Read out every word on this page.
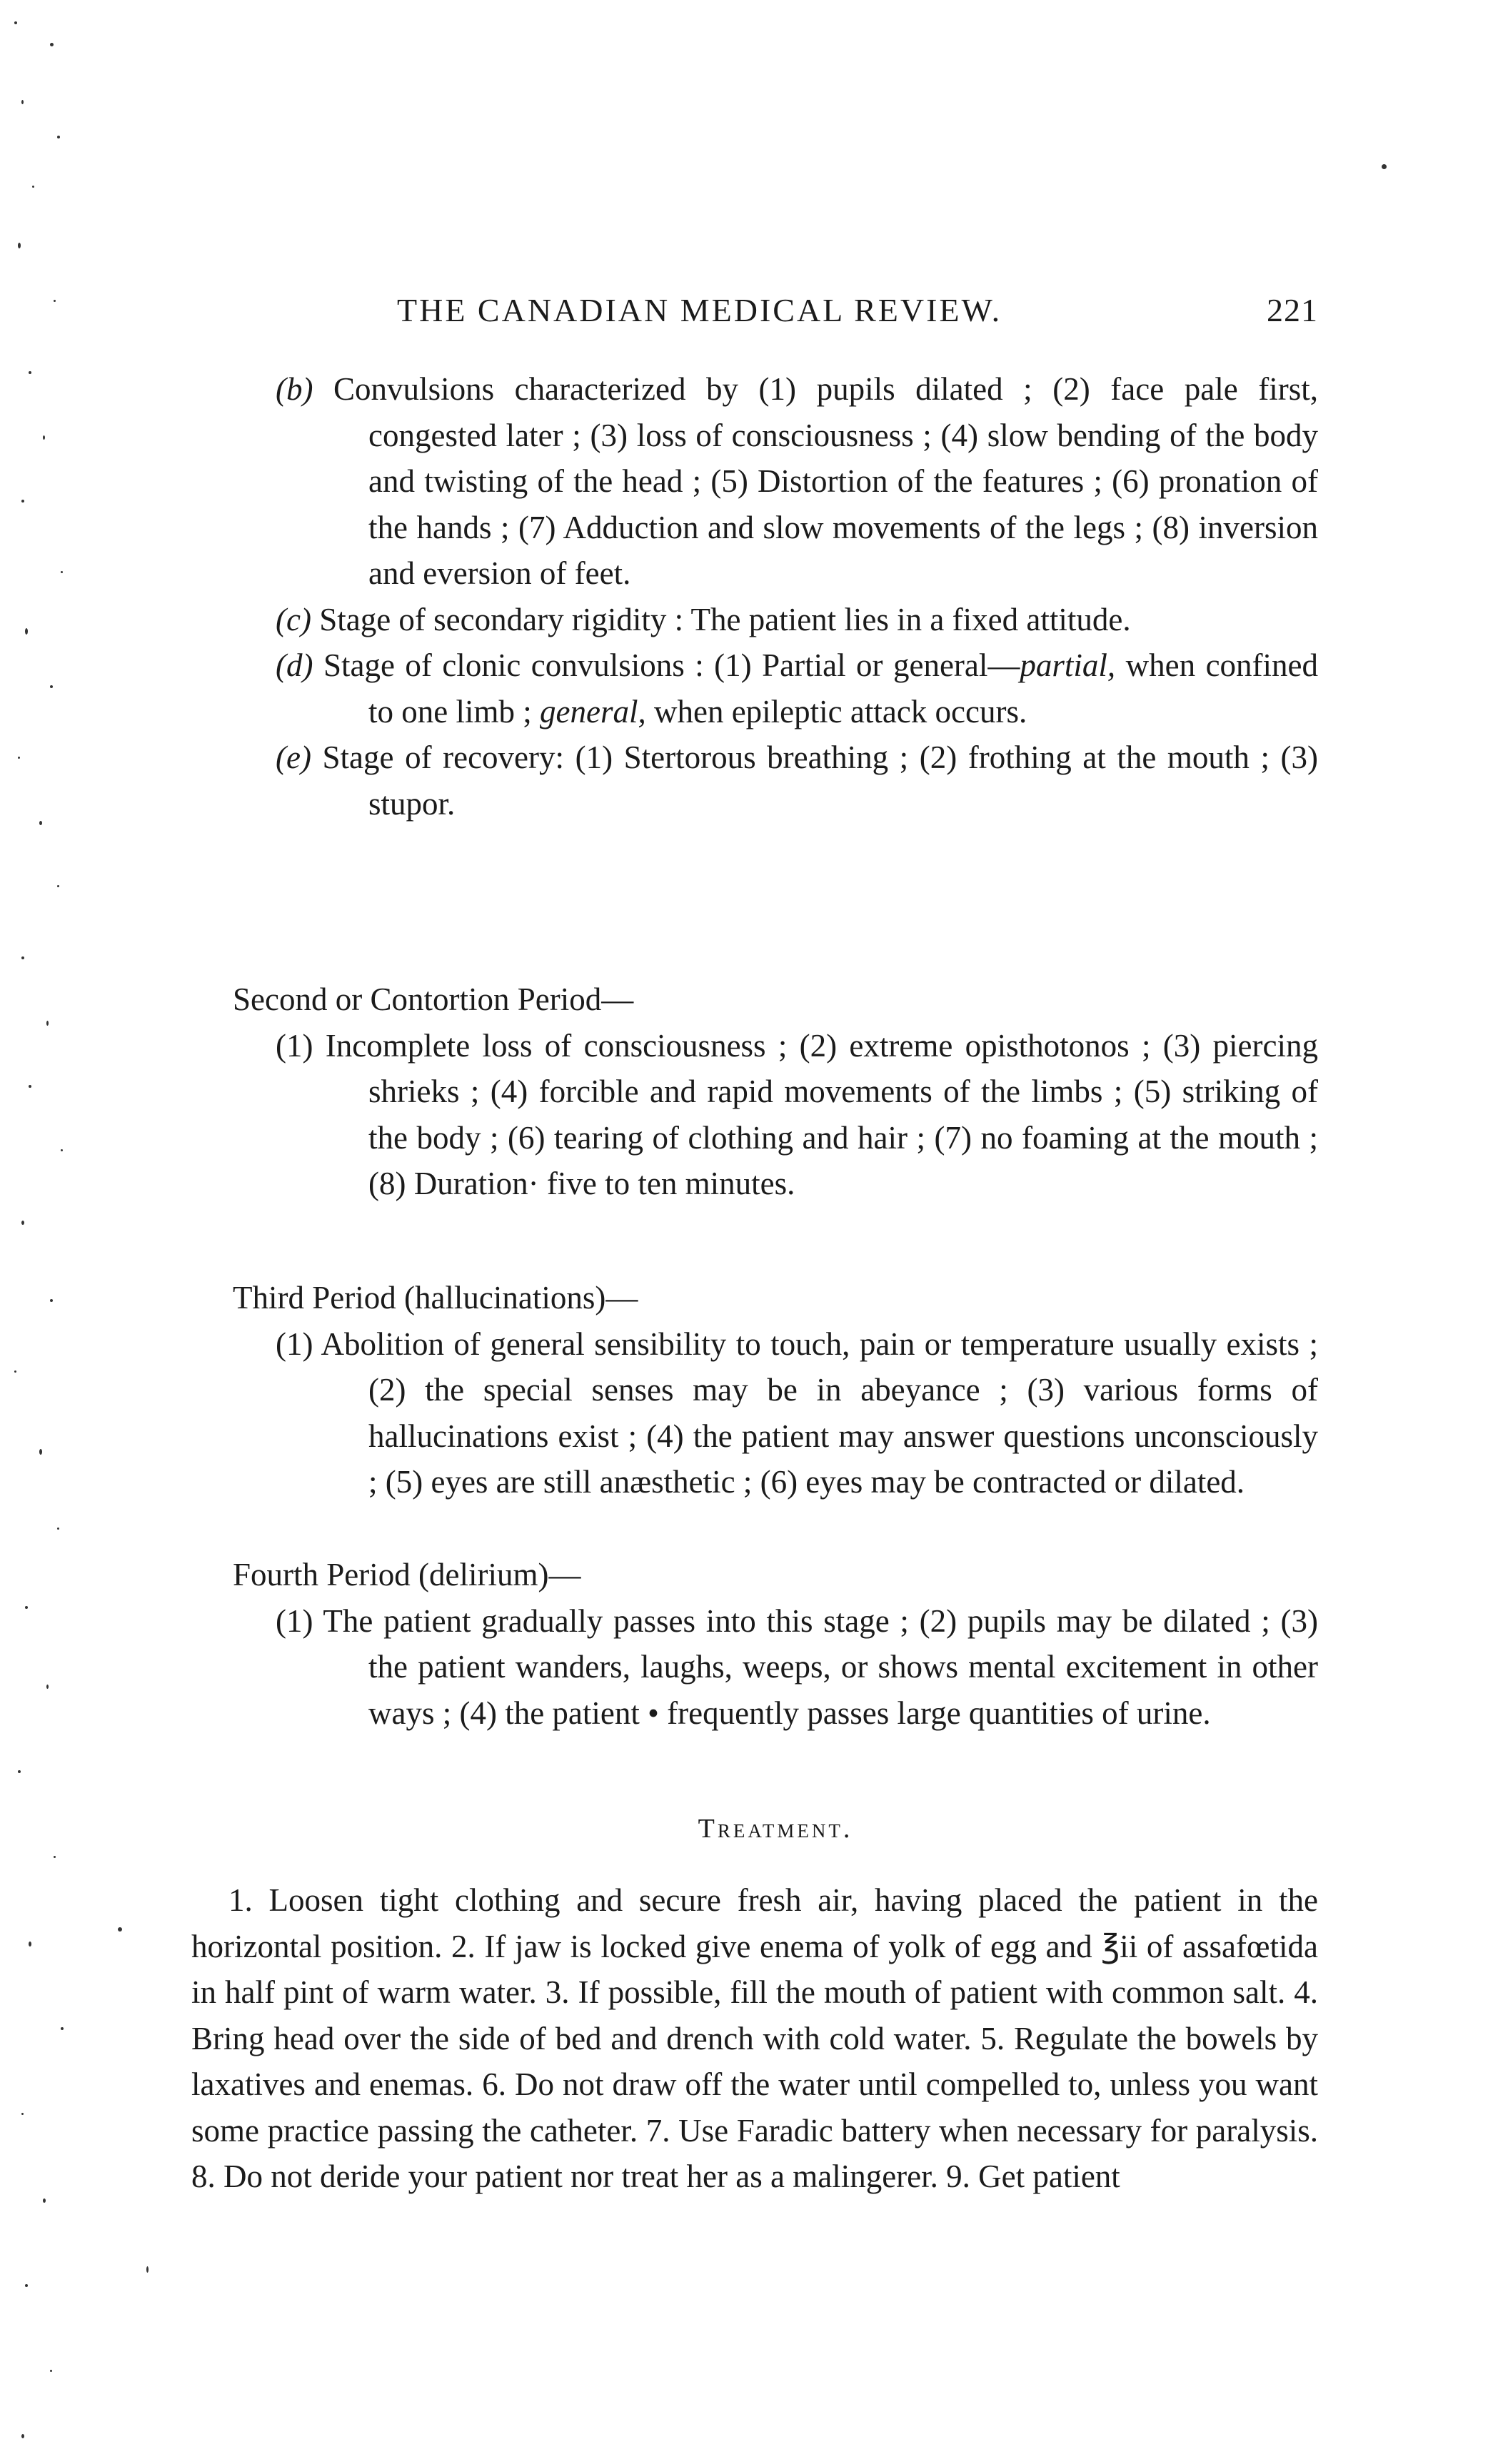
THE CANADIAN MEDICAL REVIEW.	221

(b) Convulsions characterized by (1) pupils dilated ; (2) face pale first, congested later ; (3) loss of consciousness ; (4) slow bending of the body and twisting of the head ; (5) Distortion of the features ; (6) pronation of the hands ; (7) Adduction and slow movements of the legs ; (8) inversion and eversion of feet.

(c) Stage of secondary rigidity : The patient lies in a fixed attitude.

(d) Stage of clonic convulsions : (1) Partial or general—partial, when confined to one limb ; general, when epileptic attack occurs.

(e) Stage of recovery: (1) Stertorous breathing ; (2) frothing at the mouth ; (3) stupor.

Second or Contortion Period—

(1) Incomplete loss of consciousness ; (2) extreme opisthotonos ; (3) piercing shrieks ; (4) forcible and rapid movements of the limbs ; (5) striking of the body ; (6) tearing of clothing and hair ; (7) no foaming at the mouth ; (8) Duration· five to ten minutes.

Third Period (hallucinations)—

(1) Abolition of general sensibility to touch, pain or temperature usually exists ; (2) the special senses may be in abeyance ; (3) various forms of hallucinations exist ; (4) the patient may answer questions unconsciously ; (5) eyes are still anæsthetic ; (6) eyes may be contracted or dilated.

Fourth Period (delirium)—

(1) The patient gradually passes into this stage ; (2) pupils may be dilated ; (3) the patient wanders, laughs, weeps, or shows mental excitement in other ways ; (4) the patient • frequently passes large quantities of urine.

Treatment.
1. Loosen tight clothing and secure fresh air, having placed the patient in the horizontal position. 2. If jaw is locked give enema of yolk of egg and ℥ii of assafœtida in half pint of warm water. 3. If possible, fill the mouth of patient with common salt. 4. Bring head over the side of bed and drench with cold water. 5. Regulate the bowels by laxatives and enemas. 6. Do not draw off the water until compelled to, unless you want some practice passing the catheter. 7. Use Faradic battery when necessary for paralysis. 8. Do not deride your patient nor treat her as a malingerer. 9. Get patient
